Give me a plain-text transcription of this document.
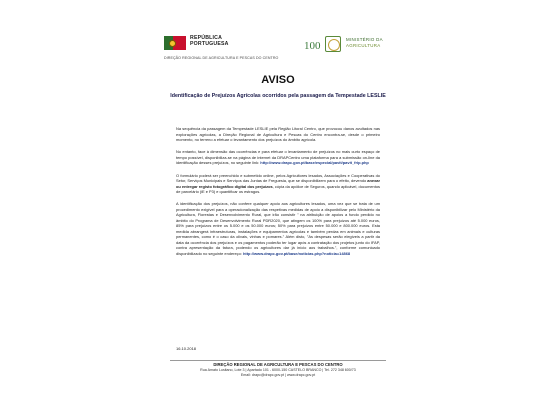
REPÚBLICA
PORTUGUESA
DIREÇÃO REGIONAL DE AGRICULTURA E PESCAS DO CENTRO
100
MINISTÉRIO DA
AGRICULTURA
AVISO
Identificação de Prejuízos Agrícolas ocorridos pela passagem da Tempestade LESLIE

Na sequência da passagem da Tempestade LESLIE pela Região Litoral Centro, que provocou danos avultados nas explorações agrícolas, a Direção Regional de Agricultura e Pescas do Centro encontra-se, desde o primeiro momento, no terreno a efetuar o levantamento dos prejuízos do âmbito agrícola.

No entanto, face à dimensão das ocorrências e para efetuar o levantamento de prejuízos no mais curto espaço de tempo possível, disponibiliza-se na página de internet da DRAPCentro uma plataforma para a submissão on-line da identificação desses prejuízos, no seguinte link: http://www.drapc.gov.pt/base/especial/pavit/pavit_frip.php

O formulário poderá ser preenchido e submetido online, pelos Agricultores lesados, Associações e Cooperativas do Setor, Serviços Municipais e Serviços das Juntas de Freguesia, que se disponibilizem para o efeito, devendo anexar ou entregar registo fotográfico digital dos prejuízos, cópia da apólice de Seguros, quando aplicável, documentos de parcelário (iE e P3) e quantificar os estragos.

A identificação dos prejuízos, não confere qualquer apoio aos agricultores lesados, uma vez que se trata de um procedimento exigível para a operacionalização das respetivas medidas de apoio a disponibilizar pelo Ministério da Agricultura, Florestas e Desenvolvimento Rural, que irão consistir " na atribuição de apoios a fundo perdido no âmbito do Programa de Desenvolvimento Rural PDR2020, que atingem os 100% para prejuízos até 5.000 euros, 85% para prejuízos entre os 5.000 e os 50.000 euros; 50% para prejuízos entre 50.000 e 800.000 euros. Esta medida abrangerá infraestruturas, instalações e equipamentos agrícolas e também perdas em animais e culturas permanentes, como é o caso da olivais, vinhas e pomares." Além disto, "As despesas serão elegíveis a partir da data da ocorrência dos prejuízos e os pagamentos poderão ter lugar após a contratação dos projetos junto do IFAP, contra apresentação da fatura, podendo os agricultores dar já início aos trabalhos.", conforme comunicado disponibilizado no seguinte endereço: http://www.drapc.gov.pt/base/noticias.php?noticia=14868

16.10.2018
DIREÇÃO REGIONAL DE AGRICULTURA E PESCAS DO CENTRO
Rua Amato Lusitano, Lote 3 | Apartado 101 - 6000-150 CASTELO BRANCO | Tel. 272 348 600/73
Email: drapc@drapc.gov.pt | www.drapc.gov.pt
